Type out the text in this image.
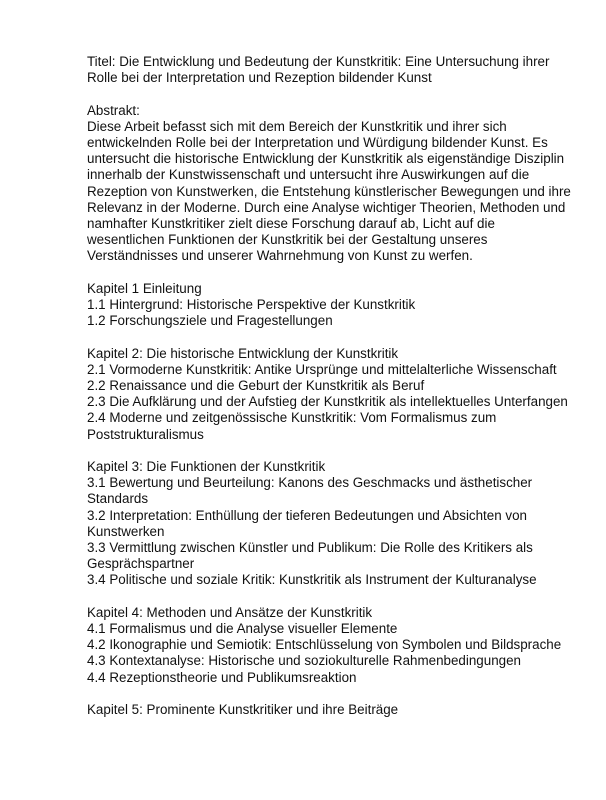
Titel: Die Entwicklung und Bedeutung der Kunstkritik: Eine Untersuchung ihrer
Rolle bei der Interpretation und Rezeption bildender Kunst

Abstrakt:
Diese Arbeit befasst sich mit dem Bereich der Kunstkritik und ihrer sich
entwickelnden Rolle bei der Interpretation und Würdigung bildender Kunst. Es
untersucht die historische Entwicklung der Kunstkritik als eigenständige Disziplin
innerhalb der Kunstwissenschaft und untersucht ihre Auswirkungen auf die
Rezeption von Kunstwerken, die Entstehung künstlerischer Bewegungen und ihre
Relevanz in der Moderne. Durch eine Analyse wichtiger Theorien, Methoden und
namhafter Kunstkritiker zielt diese Forschung darauf ab, Licht auf die
wesentlichen Funktionen der Kunstkritik bei der Gestaltung unseres
Verständnisses und unserer Wahrnehmung von Kunst zu werfen.

Kapitel 1 Einleitung
1.1 Hintergrund: Historische Perspektive der Kunstkritik
1.2 Forschungsziele und Fragestellungen

Kapitel 2: Die historische Entwicklung der Kunstkritik
2.1 Vormoderne Kunstkritik: Antike Ursprünge und mittelalterliche Wissenschaft
2.2 Renaissance und die Geburt der Kunstkritik als Beruf
2.3 Die Aufklärung und der Aufstieg der Kunstkritik als intellektuelles Unterfangen
2.4 Moderne und zeitgenössische Kunstkritik: Vom Formalismus zum
Poststrukturalismus

Kapitel 3: Die Funktionen der Kunstkritik
3.1 Bewertung und Beurteilung: Kanons des Geschmacks und ästhetischer
Standards
3.2 Interpretation: Enthüllung der tieferen Bedeutungen und Absichten von
Kunstwerken
3.3 Vermittlung zwischen Künstler und Publikum: Die Rolle des Kritikers als
Gesprächspartner
3.4 Politische und soziale Kritik: Kunstkritik als Instrument der Kulturanalyse

Kapitel 4: Methoden und Ansätze der Kunstkritik
4.1 Formalismus und die Analyse visueller Elemente
4.2 Ikonographie und Semiotik: Entschlüsselung von Symbolen und Bildsprache
4.3 Kontextanalyse: Historische und soziokulturelle Rahmenbedingungen
4.4 Rezeptionstheorie und Publikumsreaktion

Kapitel 5: Prominente Kunstkritiker und ihre Beiträge
